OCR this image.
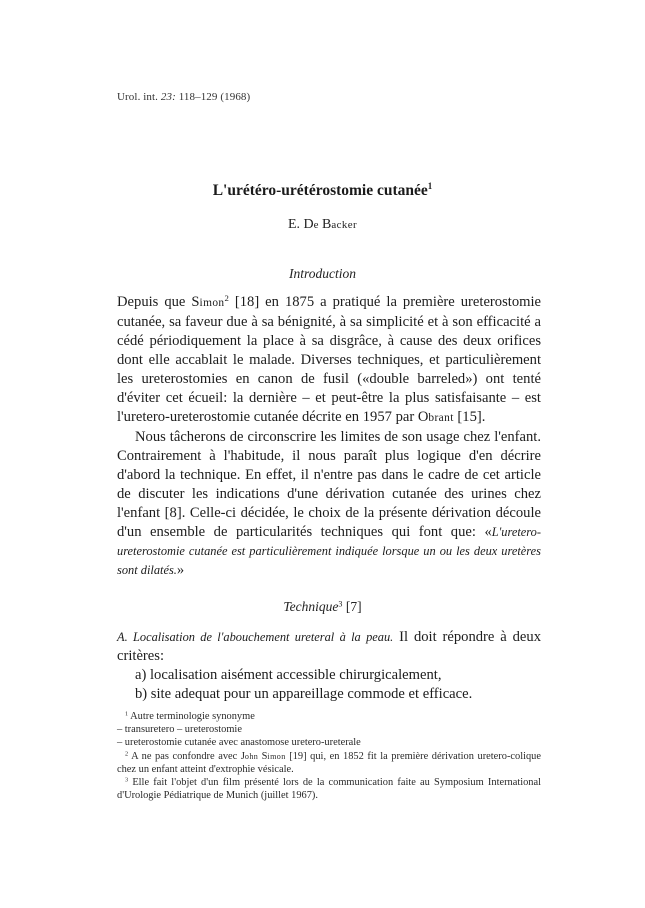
Urol. int. 23: 118–129 (1968)
L'urétéro-urétérostomie cutanée$^1$
E. De Backer
Introduction

Depuis que Simon$^2$ [18] en 1875 a pratiqué la première ureterostomie cutanée, sa faveur due à sa bénignité, à sa simplicité et à son efficacité a cédé périodiquement la place à sa disgrâce, à cause des deux orifices dont elle accablait le malade. Diverses techniques, et particulièrement les ureterostomies en canon de fusil («double barreled») ont tenté d'éviter cet écueil: la dernière – et peut-être la plus satisfaisante – est l'uretero-ureterostomie cutanée décrite en 1957 par Obrant [15].

Nous tâcherons de circonscrire les limites de son usage chez l'enfant. Contrairement à l'habitude, il nous paraît plus logique d'en décrire d'abord la technique. En effet, il n'entre pas dans le cadre de cet article de discuter les indications d'une dérivation cutanée des urines chez l'enfant [8]. Celle-ci décidée, le choix de la présente dérivation découle d'un ensemble de particularités techniques qui font que: «L'uretero-ureterostomie cutanée est particulièrement indiquée lorsque un ou les deux uretères sont dilatés.»

Technique$^3$ [7]

A. Localisation de l'abouchement ureteral à la peau. Il doit répondre à deux critères:

a) localisation aisément accessible chirurgicalement,
b) site adequat pour un appareillage commode et efficace.

$^1$ Autre terminologie synonyme

– transuretero – ureterostomie

– ureterostomie cutanée avec anastomose uretero-ureterale

$^2$ A ne pas confondre avec John Simon [19] qui, en 1852 fit la première dérivation uretero-colique chez un enfant atteint d'extrophie vésicale.

$^3$ Elle fait l'objet d'un film présenté lors de la communication faite au Symposium International d'Urologie Pédiatrique de Munich (juillet 1967).
